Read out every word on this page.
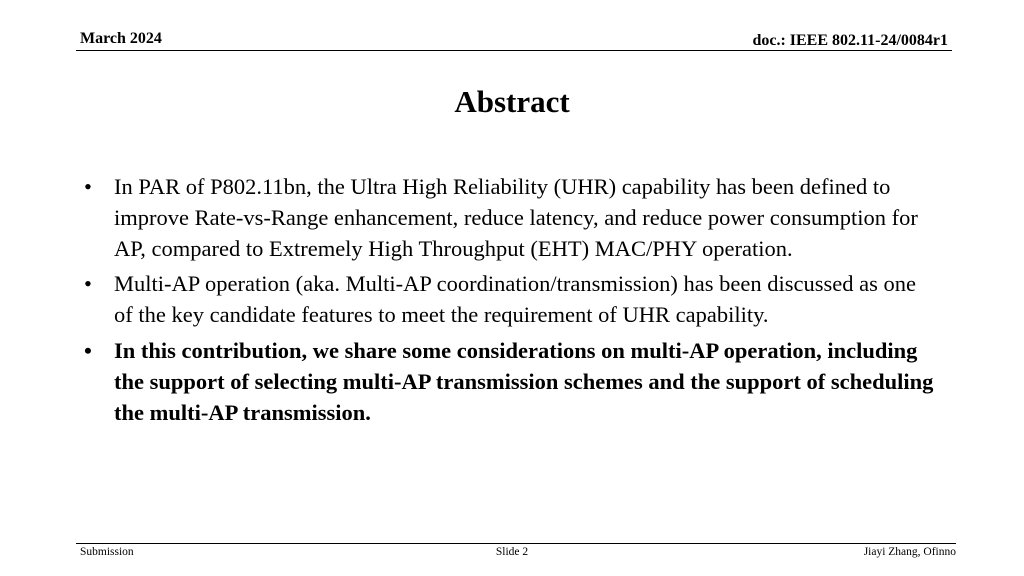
March 2024	doc.: IEEE 802.11-24/0084r1
Abstract
• In PAR of P802.11bn, the Ultra High Reliability (UHR) capability has been defined to improve Rate-vs-Range enhancement, reduce latency, and reduce power consumption for AP, compared to Extremely High Throughput (EHT) MAC/PHY operation.
• Multi-AP operation (aka. Multi-AP coordination/transmission) has been discussed as one of the key candidate features to meet the requirement of UHR capability.
• In this contribution, we share some considerations on multi-AP operation, including the support of selecting multi-AP transmission schemes and the support of scheduling the multi-AP transmission.
Submission	Slide 2	Jiayi Zhang, Ofinno
